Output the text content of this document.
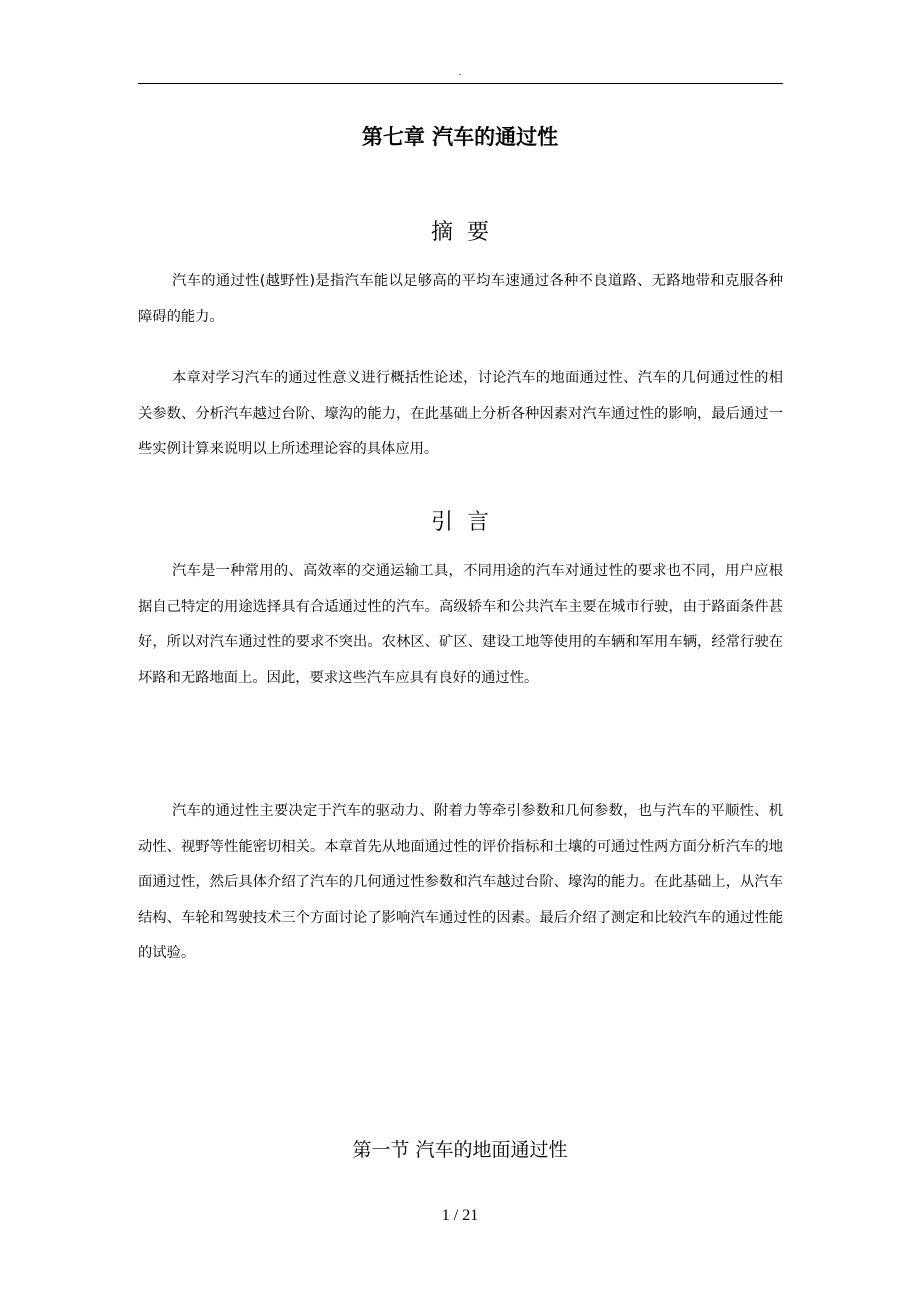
.
第七章 汽车的通过性
摘要

汽车的通过性(越野性)是指汽车能以足够高的平均车速通过各种不良道路、无路地带和克服各种障碍的能力。

本章对学习汽车的通过性意义进行概括性论述，讨论汽车的地面通过性、汽车的几何通过性的相关参数、分析汽车越过台阶、壕沟的能力，在此基础上分析各种因素对汽车通过性的影响，最后通过一些实例计算来说明以上所述理论容的具体应用。

引言

汽车是一种常用的、高效率的交通运输工具，不同用途的汽车对通过性的要求也不同，用户应根据自己特定的用途选择具有合适通过性的汽车。高级轿车和公共汽车主要在城市行驶，由于路面条件甚好，所以对汽车通过性的要求不突出。农林区、矿区、建设工地等使用的车辆和军用车辆，经常行驶在坏路和无路地面上。因此，要求这些汽车应具有良好的通过性。

汽车的通过性主要决定于汽车的驱动力、附着力等牵引参数和几何参数，也与汽车的平顺性、机动性、视野等性能密切相关。本章首先从地面通过性的评价指标和土壤的可通过性两方面分析汽车的地面通过性，然后具体介绍了汽车的几何通过性参数和汽车越过台阶、壕沟的能力。在此基础上，从汽车结构、车轮和驾驶技术三个方面讨论了影响汽车通过性的因素。最后介绍了测定和比较汽车的通过性能的试验。

第一节 汽车的地面通过性
1 / 21
